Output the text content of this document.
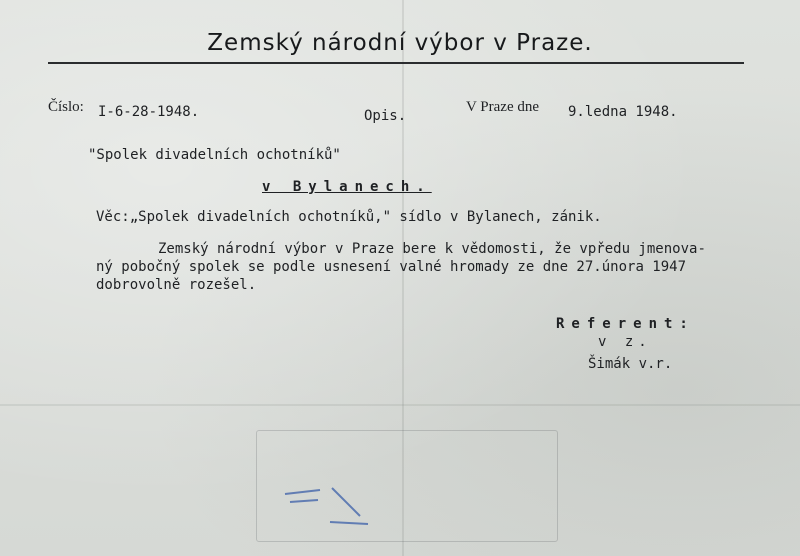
Zemský národní výbor v Praze.
Číslo: I-6-28-1948.	Opis.
V Praze dne 9.ledna 1948.
"Spolek divadelních ochotníků"
v Bylanech.
Věc:„Spolek divadelních ochotníků," sídlo v Bylanech, zánik.
Zemský národní výbor v Praze bere k vědomosti, že vpředu jmenova-
ný pobočný spolek se podle usnesení valné hromady ze dne 27.února 1947
dobrovolně rozešel.
Referent:
v z.
Šimák v.r.
